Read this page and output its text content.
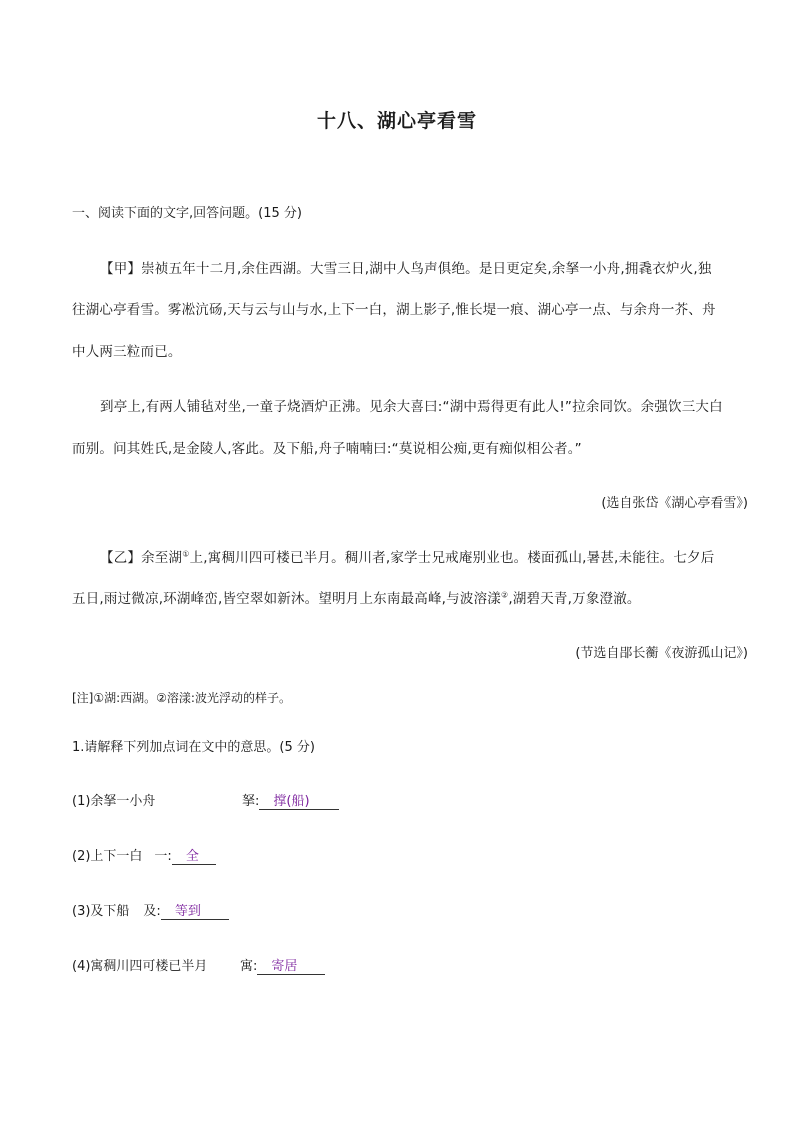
十八、湖心亭看雪
一、阅读下面的文字,回答问题。(15 分)
【甲】崇祯五年十二月,余住西湖。大雪三日,湖中人鸟声俱绝。是日更定矣,余拏一小舟,拥毳衣炉火,独
往湖心亭看雪。雾凇沆砀,天与云与山与水,上下一白，湖上影子,惟长堤一痕、湖心亭一点、与余舟一芥、舟
中人两三粒而已。
到亭上,有两人铺毡对坐,一童子烧酒炉正沸。见余大喜曰:“湖中焉得更有此人!”拉余同饮。余强饮三大白
而别。问其姓氏,是金陵人,客此。及下船,舟子喃喃曰:“莫说相公痴,更有痴似相公者。”
(选自张岱《湖心亭看雪》)
【乙】余至湖①上,寓稠川四可楼已半月。稠川者,家学士兄戒庵别业也。楼面孤山,暑甚,未能往。七夕后
五日,雨过微凉,环湖峰峦,皆空翠如新沐。望明月上东南最高峰,与波溶漾②,湖碧天青,万象澄澈。
(节选自郘长蘅《夜游孤山记》)
[注]①湖:西湖。②溶漾:波光浮动的样子。
1.请解释下列加点词在文中的意思。(5 分)
(1)余拏一小舟	拏: 撑(船)
(2)上下一白 一: 全
(3)及下船 及: 等到
(4)寓稠川四可楼已半月	寓: 寄居
